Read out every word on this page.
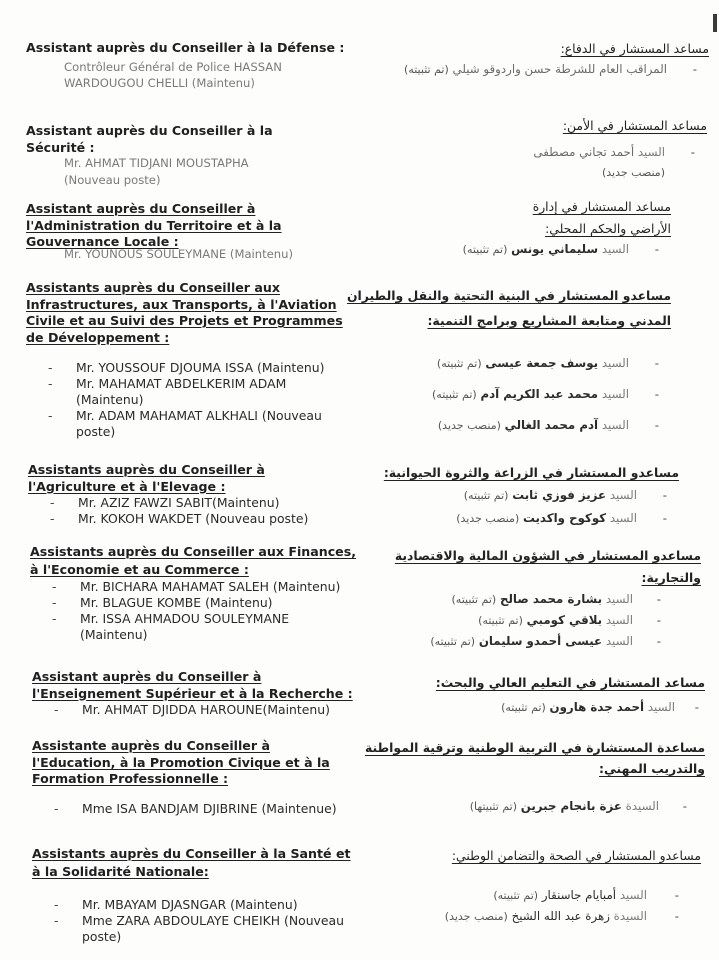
Assistant auprès du Conseiller à la Défense :
Contrôleur Général de Police HASSAN
WARDOUGOU CHELLI (Maintenu)
Assistant auprès du Conseiller à la Sécurité :
Mr. AHMAT TIDJANI MOUSTAPHA
(Nouveau poste)
Assistant auprès du Conseiller à l'Administration du Territoire et à la Gouvernance Locale :
Mr. YOUNOUS SOULEYMANE (Maintenu)
Assistants auprès du Conseiller aux Infrastructures, aux Transports, à l'Aviation Civile et au Suivi des Projets et Programmes de Développement :
- Mr. YOUSSOUF DJOUMA ISSA (Maintenu)
- Mr. MAHAMAT ABDELKERIM ADAM (Maintenu)
- Mr. ADAM MAHAMAT ALKHALI (Nouveau poste)
Assistants auprès du Conseiller à l'Agriculture et à l'Elevage :
- Mr. AZIZ FAWZI SABIT(Maintenu)
- Mr. KOKOH WAKDET (Nouveau poste)
Assistants auprès du Conseiller aux Finances, à l'Economie et au Commerce :
- Mr. BICHARA MAHAMAT SALEH (Maintenu)
- Mr. BLAGUE KOMBE (Maintenu)
- Mr. ISSA AHMADOU SOULEYMANE (Maintenu)
Assistant auprès du Conseiller à l'Enseignement Supérieur et à la Recherche :
- Mr. AHMAT DJIDDA HAROUNE(Maintenu)
Assistante auprès du Conseiller à l'Education, à la Promotion Civique et à la Formation Professionnelle :
- Mme ISA BANDJAM DJIBRINE (Maintenue)
Assistants auprès du Conseiller à la Santé et à la Solidarité Nationale:
- Mr. MBAYAM DJASNGAR (Maintenu)
- Mme ZARA ABDOULAYE CHEIKH (Nouveau poste)
مساعد المستشار في الدفاع:
-
المراقب العام للشرطة حسن واردوقو شيلي (تم تثبيته)
مساعد المستشار في الأمن:
-
السيد أحمد تجاني مصطفى
(منصب جديد)
مساعد المستشار في إدارة الأراضي والحكم المحلي:
-
السيد سليماني يونس (تم تثبيته)
مساعدو المستشار في البنية التحتية والنقل والطيران المدني ومتابعة المشاريع وبرامج التنمية:
-
السيد يوسف جمعة عيسى (تم تثبيته)
-
السيد محمد عبد الكريم آدم (تم تثبيته)
-
السيد آدم محمد الغالي (منصب جديد)
مساعدو المستشار في الزراعة والثروة الحيوانية:
-
السيد عزيز فوزي ثابت (تم تثبيته)
-
السيد كوكوح واكديت (منصب جديد)
مساعدو المستشار في الشؤون المالية والاقتصادية والتجارية:
-
السيد بشارة محمد صالح (تم تثبيته)
-
السيد بلاقي كومبي (تم تثبيته)
-
السيد عيسى أحمدو سليمان (تم تثبيته)
مساعد المستشار في التعليم العالي والبحث:
-
السيد أحمد جدة هارون (تم تثبيته)
مساعدة المستشارة في التربية الوطنية وترقية المواطنة والتدريب المهني:
-
السيدة عزة بانجام جبرين (تم تثبيتها)
مساعدو المستشار في الصحة والتضامن الوطني:
-
السيد أمبايام جاسنقار (تم تثبيته)
-
السيدة زهرة عبد الله الشيخ (منصب جديد)
